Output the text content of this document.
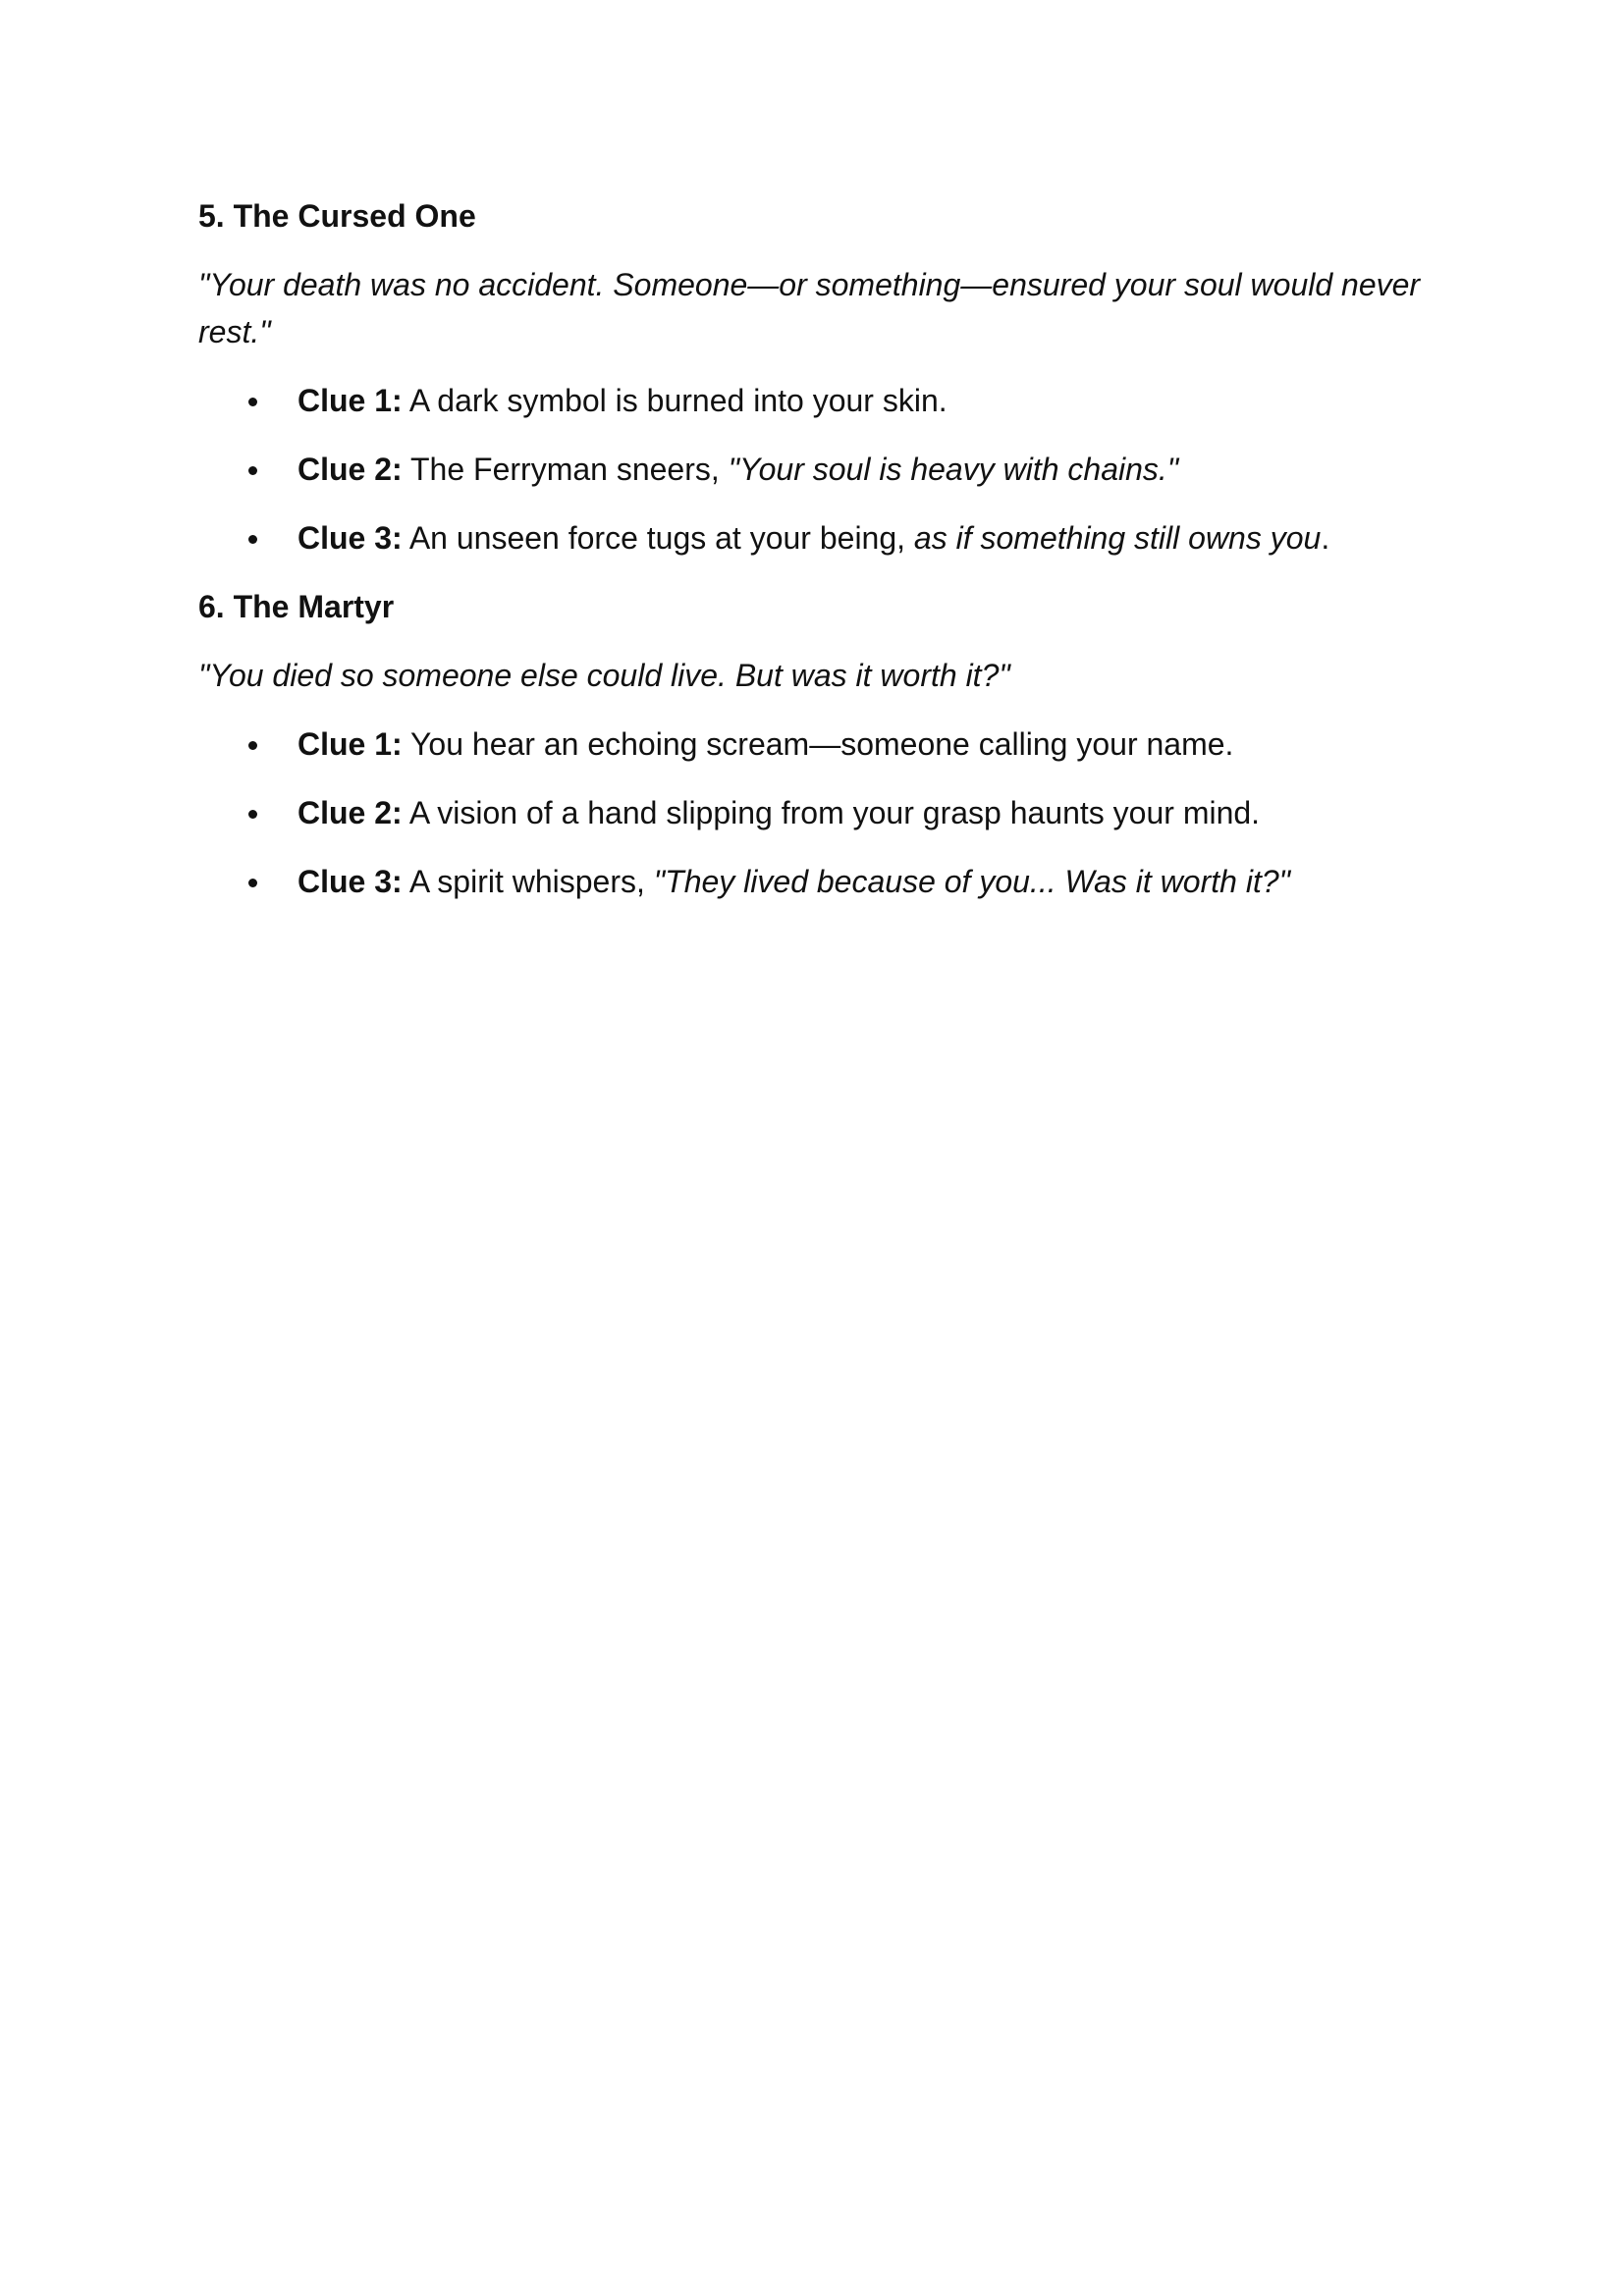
5. The Cursed One

"Your death was no accident. Someone—or something—ensured your soul would never rest."

Clue 1: A dark symbol is burned into your skin.
Clue 2: The Ferryman sneers, "Your soul is heavy with chains."
Clue 3: An unseen force tugs at your being, as if something still owns you.

6. The Martyr

"You died so someone else could live. But was it worth it?"

Clue 1: You hear an echoing scream—someone calling your name.
Clue 2: A vision of a hand slipping from your grasp haunts your mind.
Clue 3: A spirit whispers, "They lived because of you... Was it worth it?"
